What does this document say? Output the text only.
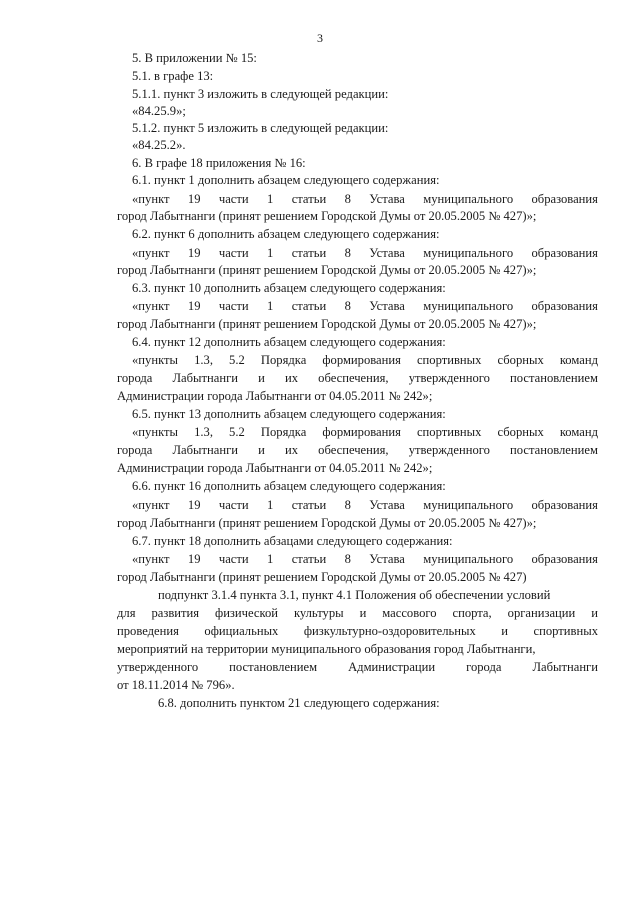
3
5. В приложении № 15:
5.1. в графе 13:
5.1.1. пункт 3 изложить в следующей редакции:
«84.25.9»;
5.1.2. пункт 5 изложить в следующей редакции:
«84.25.2».
6. В графе 18 приложения № 16:
6.1. пункт 1 дополнить абзацем следующего содержания:
«пункт 19 части 1 статьи 8 Устава муниципального образования
город Лабытнанги (принят решением Городской Думы от 20.05.2005 № 427)»;
6.2. пункт 6 дополнить абзацем следующего содержания:
«пункт 19 части 1 статьи 8 Устава муниципального образования
город Лабытнанги (принят решением Городской Думы от 20.05.2005 № 427)»;
6.3. пункт 10 дополнить абзацем следующего содержания:
«пункт 19 части 1 статьи 8 Устава муниципального образования
город Лабытнанги (принят решением Городской Думы от 20.05.2005 № 427)»;
6.4. пункт 12 дополнить абзацем следующего содержания:
«пункты 1.3, 5.2 Порядка формирования спортивных сборных команд
города Лабытнанги и их обеспечения, утвержденного постановлением
Администрации города Лабытнанги от 04.05.2011 № 242»;
6.5. пункт 13 дополнить абзацем следующего содержания:
«пункты 1.3, 5.2 Порядка формирования спортивных сборных команд
города Лабытнанги и их обеспечения, утвержденного постановлением
Администрации города Лабытнанги от 04.05.2011 № 242»;
6.6. пункт 16 дополнить абзацем следующего содержания:
«пункт 19 части 1 статьи 8 Устава муниципального образования
город Лабытнанги (принят решением Городской Думы от 20.05.2005 № 427)»;
6.7. пункт 18 дополнить абзацами следующего содержания:
«пункт 19 части 1 статьи 8 Устава муниципального образования
город Лабытнанги (принят решением Городской Думы от 20.05.2005 № 427)
подпункт 3.1.4 пункта 3.1, пункт 4.1 Положения об обеспечении условий
для развития физической культуры и массового спорта, организации и
проведения официальных физкультурно-оздоровительных и спортивных
мероприятий на территории муниципального образования город Лабытнанги,
утвержденного постановлением Администрации города Лабытнанги
от 18.11.2014 № 796».
6.8. дополнить пунктом 21 следующего содержания:
